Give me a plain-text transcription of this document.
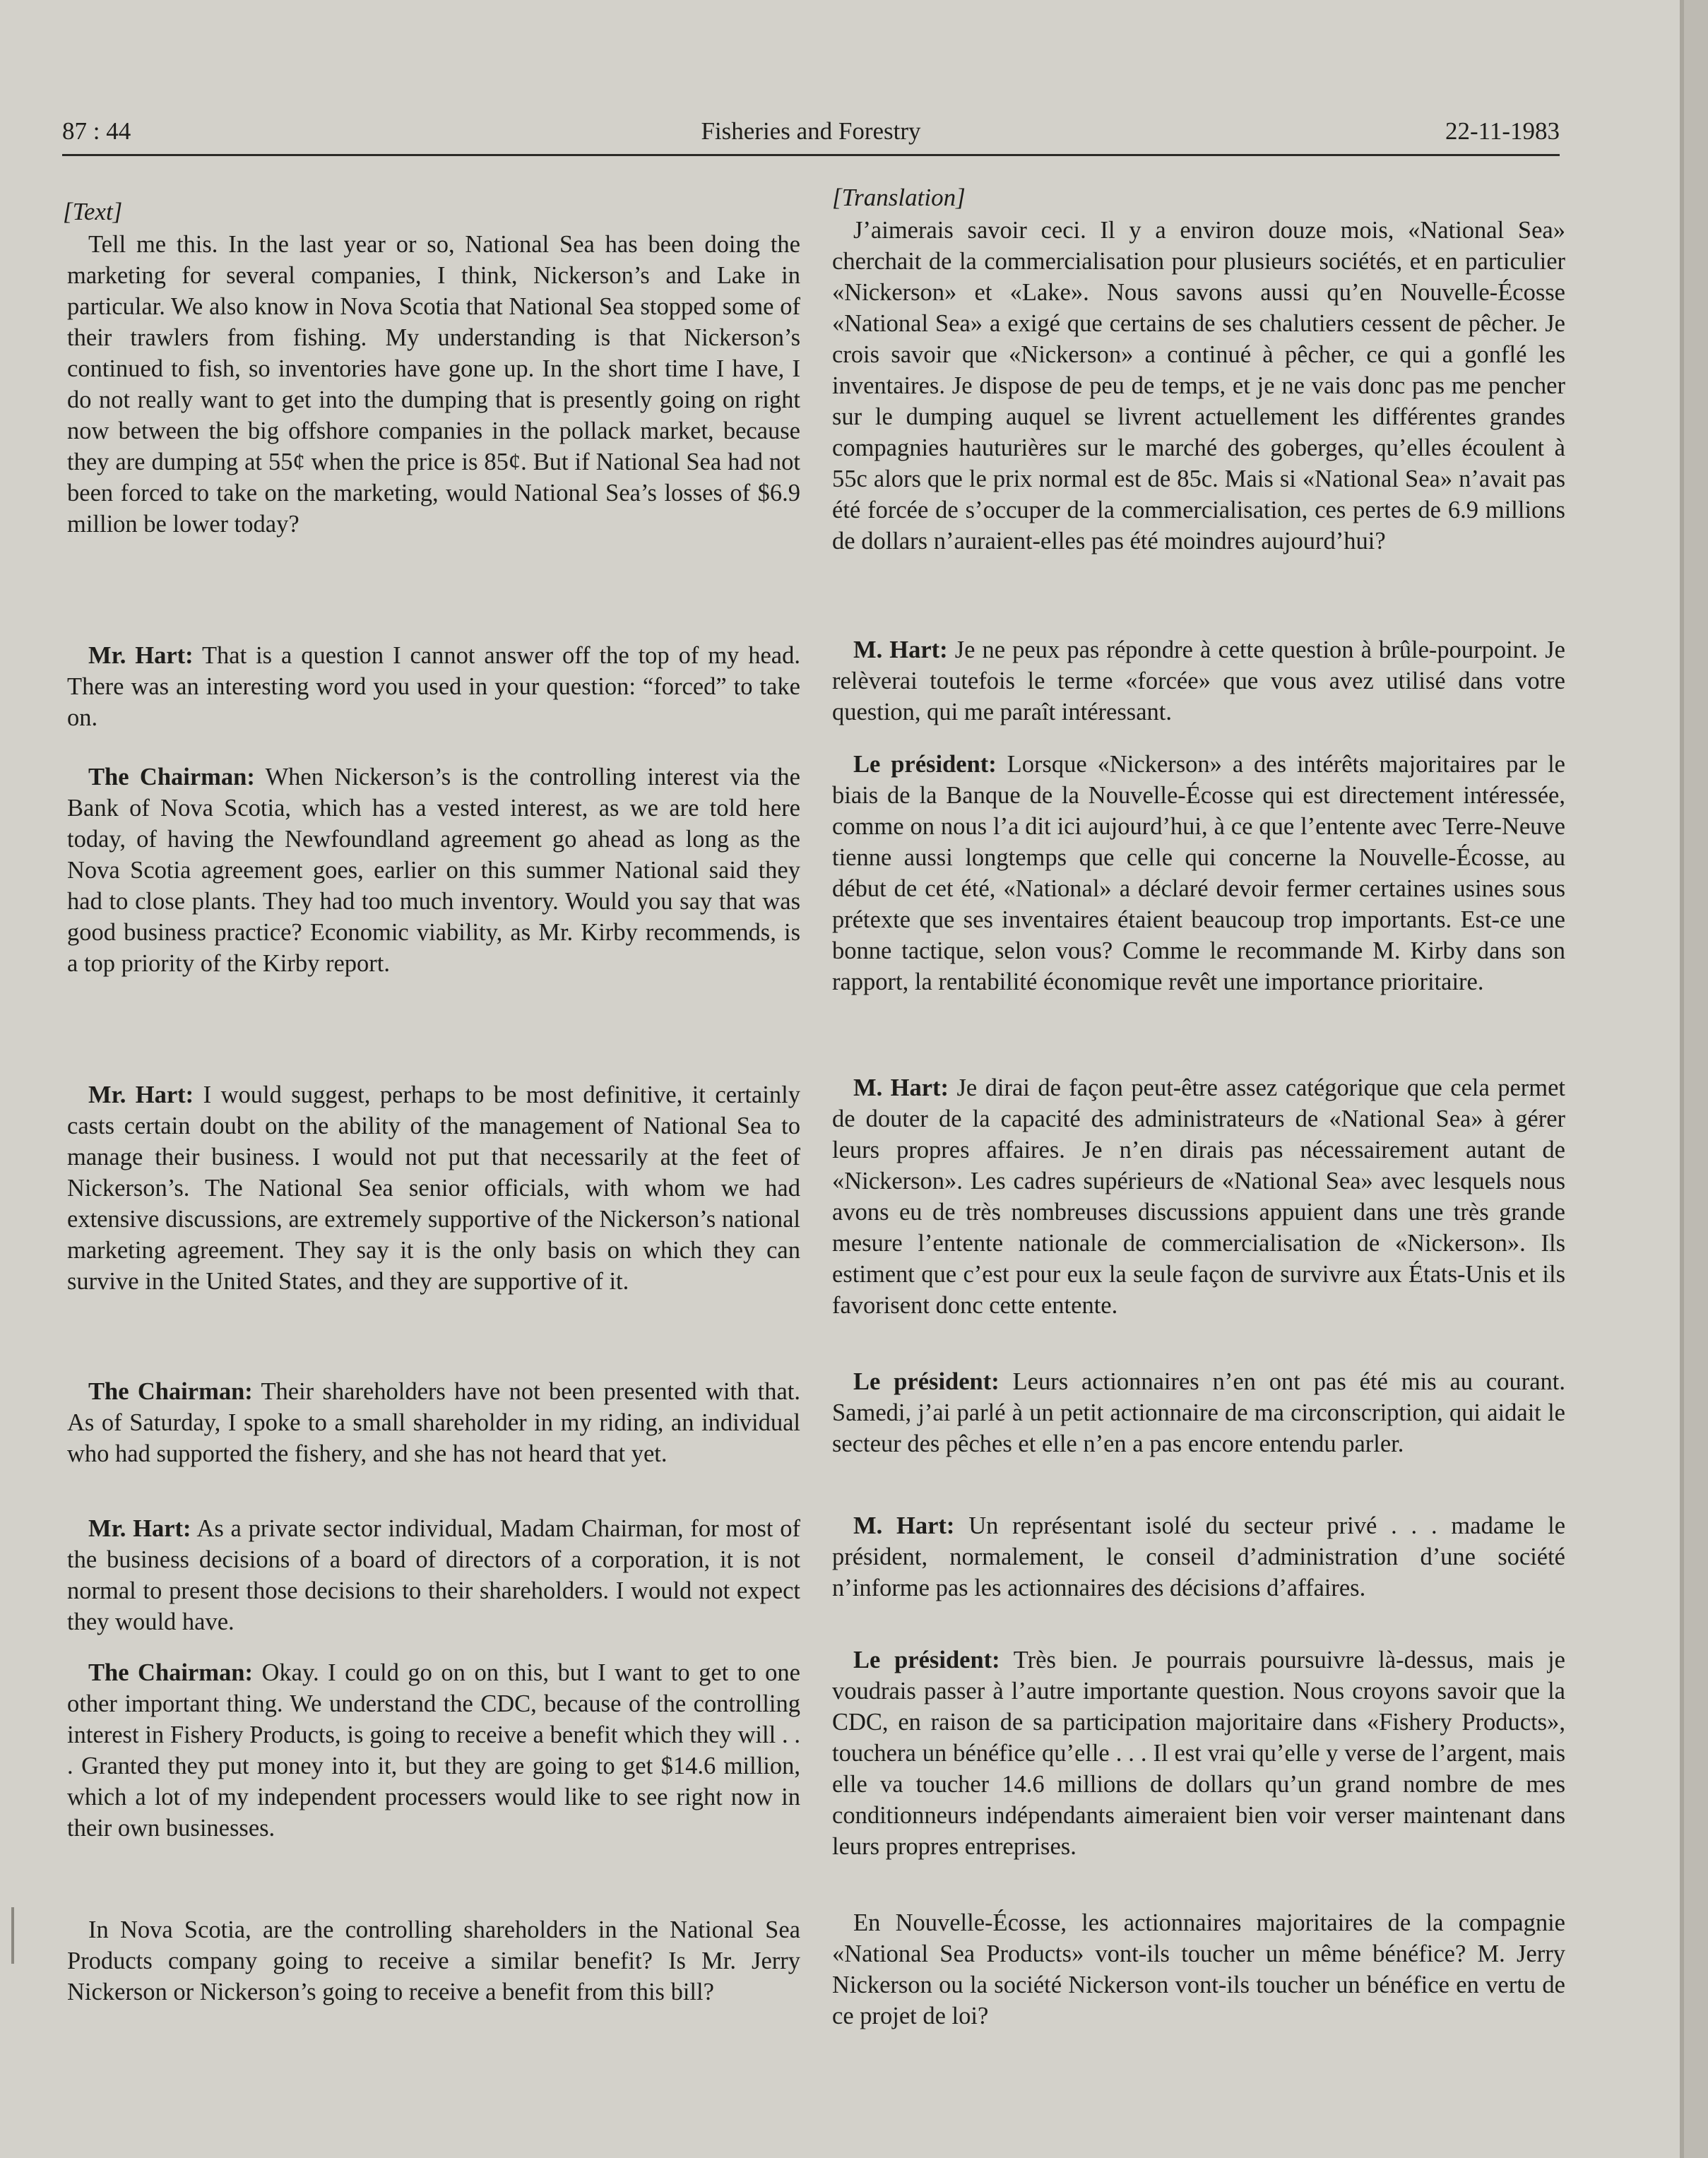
87 : 44	Fisheries and Forestry	22-11-1983
[Text]

Tell me this. In the last year or so, National Sea has been doing the marketing for several companies, I think, Nickerson’s and Lake in particular. We also know in Nova Scotia that National Sea stopped some of their trawlers from fishing. My understanding is that Nickerson’s continued to fish, so inventories have gone up. In the short time I have, I do not really want to get into the dumping that is presently going on right now between the big offshore companies in the pollack market, because they are dumping at 55¢ when the price is 85¢. But if National Sea had not been forced to take on the marketing, would National Sea’s losses of $6.9 million be lower today?

Mr. Hart: That is a question I cannot answer off the top of my head. There was an interesting word you used in your question: “forced” to take on.

The Chairman: When Nickerson’s is the controlling interest via the Bank of Nova Scotia, which has a vested interest, as we are told here today, of having the Newfoundland agreement go ahead as long as the Nova Scotia agreement goes, earlier on this summer National said they had to close plants. They had too much inventory. Would you say that was good business practice? Economic viability, as Mr. Kirby recommends, is a top priority of the Kirby report.

Mr. Hart: I would suggest, perhaps to be most definitive, it certainly casts certain doubt on the ability of the management of National Sea to manage their business. I would not put that necessarily at the feet of Nickerson’s. The National Sea senior officials, with whom we had extensive discussions, are extremely supportive of the Nickerson’s national marketing agreement. They say it is the only basis on which they can survive in the United States, and they are supportive of it.

The Chairman: Their shareholders have not been presented with that. As of Saturday, I spoke to a small shareholder in my riding, an individual who had supported the fishery, and she has not heard that yet.

Mr. Hart: As a private sector individual, Madam Chairman, for most of the business decisions of a board of directors of a corporation, it is not normal to present those decisions to their shareholders. I would not expect they would have.

The Chairman: Okay. I could go on on this, but I want to get to one other important thing. We understand the CDC, because of the controlling interest in Fishery Products, is going to receive a benefit which they will . . . Granted they put money into it, but they are going to get $14.6 million, which a lot of my independent processers would like to see right now in their own businesses.

In Nova Scotia, are the controlling shareholders in the National Sea Products company going to receive a similar benefit? Is Mr. Jerry Nickerson or Nickerson’s going to receive a benefit from this bill?

[Translation]

J’aimerais savoir ceci. Il y a environ douze mois, «National Sea» cherchait de la commercialisation pour plusieurs sociétés, et en particulier «Nickerson» et «Lake». Nous savons aussi qu’en Nouvelle-Écosse «National Sea» a exigé que certains de ses chalutiers cessent de pêcher. Je crois savoir que «Nickerson» a continué à pêcher, ce qui a gonflé les inventaires. Je dispose de peu de temps, et je ne vais donc pas me pencher sur le dumping auquel se livrent actuellement les différentes grandes compagnies hauturières sur le marché des goberges, qu’elles écoulent à 55c alors que le prix normal est de 85c. Mais si «National Sea» n’avait pas été forcée de s’occuper de la commercialisation, ces pertes de 6.9 millions de dollars n’auraient-elles pas été moindres aujourd’hui?

M. Hart: Je ne peux pas répondre à cette question à brûle-pourpoint. Je relèverai toutefois le terme «forcée» que vous avez utilisé dans votre question, qui me paraît intéressant.

Le président: Lorsque «Nickerson» a des intérêts majoritaires par le biais de la Banque de la Nouvelle-Écosse qui est directement intéressée, comme on nous l’a dit ici aujourd’hui, à ce que l’entente avec Terre-Neuve tienne aussi longtemps que celle qui concerne la Nouvelle-Écosse, au début de cet été, «National» a déclaré devoir fermer certaines usines sous prétexte que ses inventaires étaient beaucoup trop importants. Est-ce une bonne tactique, selon vous? Comme le recommande M. Kirby dans son rapport, la rentabilité économique revêt une importance prioritaire.

M. Hart: Je dirai de façon peut-être assez catégorique que cela permet de douter de la capacité des administrateurs de «National Sea» à gérer leurs propres affaires. Je n’en dirais pas nécessairement autant de «Nickerson». Les cadres supérieurs de «National Sea» avec lesquels nous avons eu de très nombreuses discussions appuient dans une très grande mesure l’entente nationale de commercialisation de «Nickerson». Ils estiment que c’est pour eux la seule façon de survivre aux États-Unis et ils favorisent donc cette entente.

Le président: Leurs actionnaires n’en ont pas été mis au courant. Samedi, j’ai parlé à un petit actionnaire de ma circonscription, qui aidait le secteur des pêches et elle n’en a pas encore entendu parler.

M. Hart: Un représentant isolé du secteur privé . . . madame le président, normalement, le conseil d’administration d’une société n’informe pas les actionnaires des décisions d’affaires.

Le président: Très bien. Je pourrais poursuivre là-dessus, mais je voudrais passer à l’autre importante question. Nous croyons savoir que la CDC, en raison de sa participation majoritaire dans «Fishery Products», touchera un bénéfice qu’elle . . . Il est vrai qu’elle y verse de l’argent, mais elle va toucher 14.6 millions de dollars qu’un grand nombre de mes conditionneurs indépendants aimeraient bien voir verser maintenant dans leurs propres entreprises.

En Nouvelle-Écosse, les actionnaires majoritaires de la compagnie «National Sea Products» vont-ils toucher un même bénéfice? M. Jerry Nickerson ou la société Nickerson vont-ils toucher un bénéfice en vertu de ce projet de loi?
